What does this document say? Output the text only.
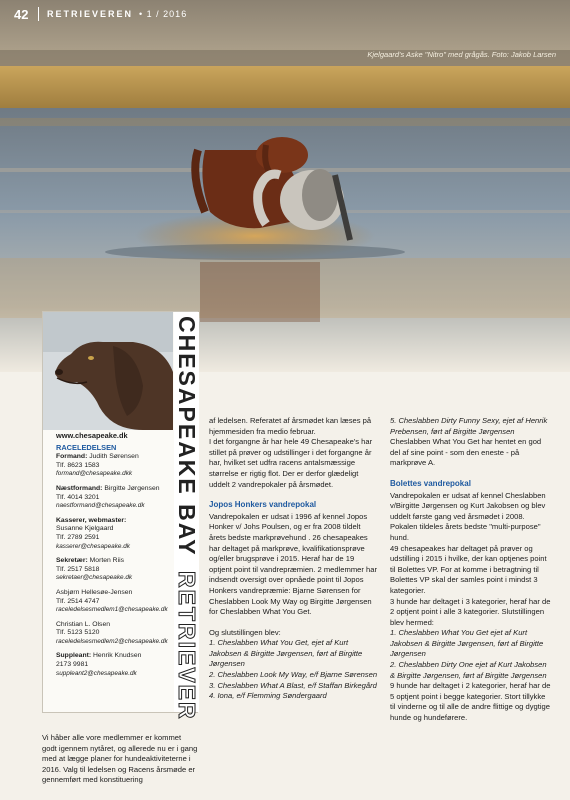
Kjelgaard's Aske "Nitro" med grågås. Foto: Jakob Larsen
42	RETRIEVEREN • 1 / 2016
CHESAPEAKE BAY RETRIEVER
www.chesapeake.dk
RACELEDELSEN
Formand: Judith Sørensen
Tlf. 8623 1583
formand@chesapeake.dkk
Næstformand: Birgitte Jørgensen
Tlf. 4014 3201
naestformand@chesapeake.dk
Kasserer, webmaster:
Susanne Kjelgaard
Tlf. 2789 2591
kasserer@chesapeake.dk
Sekretær: Morten Riis
Tlf. 2517 5818
sekretaer@chesapeake.dk
Asbjørn Hellesøe-Jensen
Tlf. 2514 4747
raceledelsesmedlem1@chesapeake.dk
Christian L. Olsen
Tlf. 5123 5120
raceledelsesmedlem2@chesapeake.dk
Suppleant: Henrik Knudsen
2173 9981
suppleant2@chesapeake.dk

Vi håber alle vore medlemmer er kommet godt igennem nytåret, og allerede nu er i gang med at lægge planer for hundeaktiviteterne i 2016. Valg til ledelsen og Racens årsmøde er gennemført med konstituering

af ledelsen. Referatet af årsmødet kan læses på hjemmesiden fra medio februar.

I det forgangne år har hele 49 Chesapeake's har stillet på prøver og udstillinger i det forgangne år har, hvilket set udfra racens antalsmæssige størrelse er rigtig flot. Der er derfor glædeligt uddelt 2 vandrepokaler på årsmødet.

Jopos Honkers vandrepokal

Vandrepokalen er udsat i 1996 af kennel Jopos Honker v/ Johs Poulsen, og er fra 2008 tildelt årets bedste markprøvehund . 26 chesapeakes har deltaget på markprøve, kvalifikationsprøve og/eller brugsprøve i 2015. Heraf har de 19 optjent point til vandrepræmien. 2 medlemmer har indsendt oversigt over opnåede point til Jopos Honkers vandrepræmie: Bjarne Sørensen for Cheslabben Look My Way og Birgitte Jørgensen for Cheslabben What You Get.

Og slutstillingen blev:

1. Cheslabben What You Get, ejet af Kurt Jakobsen & Birgitte Jørgensen, ført af Birgitte Jørgensen

2. Cheslabben Look My Way, e/f Bjarne Sørensen

3. Cheslabben What A Blast, e/f Staffan Birkegård

4. Iona, e/f Flemming Søndergaard

5. Cheslabben Dirty Funny Sexy, ejet af Henrik Prebensen, ført af Birgitte Jørgensen

Cheslabben What You Get har hentet en god del af sine point - som den eneste - på markprøve A.

Bolettes vandrepokal

Vandrepokalen er udsat af kennel Cheslabben v/Birgitte Jørgensen og Kurt Jakobsen og blev uddelt første gang ved årsmødet i 2008. Pokalen tildeles årets bedste "multi-purpose" hund.

49 chesapeakes har deltaget på prøver og udstilling i 2015 i hvilke, der kan optjenes point til Bolettes VP. For at komme i betragtning til Bolettes VP skal der samles point i mindst 3 kategorier.

3 hunde har deltaget i 3 kategorier, heraf har de 2 optjent point i alle 3 kategorier. Slutstillingen blev hermed:

1. Cheslabben What You Get ejet af Kurt Jakobsen & Birgitte Jørgensen, ført af Birgitte Jørgensen

2. Cheslabben Dirty One ejet af Kurt Jakobsen & Birgitte Jørgensen, ført af Birgitte Jørgensen

9 hunde har deltaget i 2 kategorier, heraf har de 5 optjent point i begge kategorier. Stort tillykke til vinderne og til alle de andre flittige og dygtige hunde og hundeførere.
